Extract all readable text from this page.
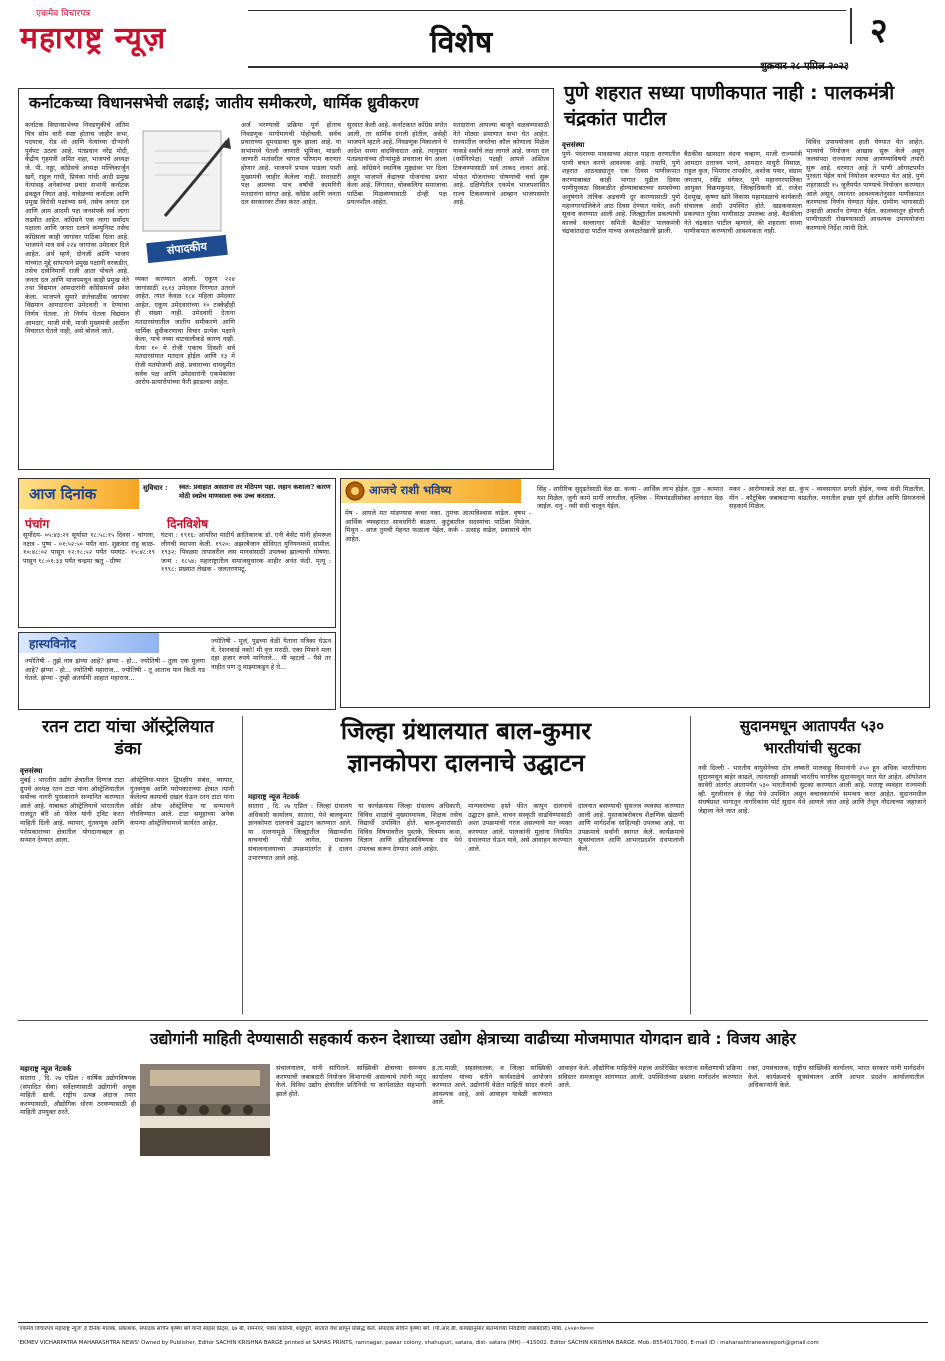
एकमेव विचारपत्र
महाराष्ट्र न्यूज़	विशेष	२
शुक्रवार २८ एप्रिल २०२३
कर्नाटकच्या विधानसभेची लढाई; जातीय समीकरणे, धार्मिक ध्रुवीकरण
कर्नाटक विधानसभेच्या निवडणुकीचे अंतिम चित्र सोम वारी स्पष्ट होताच जाहीर सभा, पदयात्रा, रोड शो आणि नेत्यांच्या दौऱ्यांनी पूर्वपट उठला आहे. पंतप्रधान नरेंद्र मोदी, केंद्रीय गृहमंत्री अमित शहा, भाजपचे अध्यक्ष जे. पी. नड्डा, काँग्रेसचे अध्यक्ष मल्लिकार्जुन खर्गे, राहुल गांधी, प्रियंका गांधी आदी प्रमुख नेत्यांसह अनेकांच्या प्रचार सभांनी कर्नाटक ढवळून निघत आहे. यावेळच्या कर्नाटक आणि प्रमुख विरोधी पक्षांच्या सर्व, तसेच जनता दल आणि आम आदमी पक्ष जनसंपर्क सर्व जागा लढवीत आहेत. काँग्रेसने एक जागा सर्वोदय पक्षाला आणि जनता दलाने कम्युनिस्ट तसेच काँग्रेसला काही जागांवर पाठिंबा दिला आहे. भाजपने मात्र सर्व २२४ जागांवर उमेदवार दिले आहेत. अर्थ म्हणे, दोनजी आणि भाजप यांच्यात मुद्दे सांपत्याने प्रमुख पक्षांनी वरकडीत, तसेच दावेनिमार्णे राजी आता पोचले आहे. जनता दल आणि भाजपमधून काही प्रमुख नेते तथा विद्यमान आमदारांनी काँग्रेसमध्ये प्रवेश केला. भाजपने सुमारे सत्तेचाळीस जागांवर विद्यमान आमदारांना उमेदवारी न देण्याचा निर्णय घेतला. तो निर्णय घेतला विद्यमान आमदार, माजी मंत्री, माजी मुख्यमंत्री आर्दीना विचारात घेतले नाही, असे बोलले जाते.
संपादकीय
व्यक्त करण्यात आली. एकूण २२४ जागांसाठी २६१३ उमेदवार रिंगणात उतरले आहेत. त्यात केवळ १८४ महिला उमेदवार आहेत. एकूण उमेदवारांच्या १० टक्केहीही ही संख्या नाही. उमेदवारी देताना मतदारसंघातील जातीय समीकरणे आणि धार्मिक ध्रुवीकरणाचा विचार प्रत्येक पक्षाने केला, याचे नव्या वाटचालीकडे कारण नाही. येत्या १० मे रोजी एकाच दिवशी सर्व मतदारसंघात मतदान होईल आणि १३ मे रोजी मतमोजणी आहे. प्रचाराच्या धामधुमीत सर्वच पक्ष आणि उमेदवारांनी एकमेकांवर आरोप-प्रत्यारोपांच्या फैरी झाडल्या आहेत.
अर्ज भरण्याची प्रक्रिया पूर्ण होताच निवडणूक मागोमागची पोहोचली. सर्वच प्रचाराच्या धूमधडाका सुरू झाला आहे. या सभांमध्ये घेतली जाणारी भूमिका, मांडली जाणारी मतांवरील चांगल परिणाम करणार होणार आहे. भाजपने प्रभाव पाडला पाशी मुख्यमंत्री जाहीर केलेला नाही. सत्ताधारी पक्ष आमच्या पाच वर्षांची कामगिरी मतदारांना सांगत आहे. काँग्रेस आणि जनता दल सरकारवर टीका करत आहेत.
सुरवात केली आहे. कर्नाटकात काँग्रेस सत्तेत आली, तर धार्मिक दंगली होतील, असेही भाजपने म्हटले आहे. निवडणूक निकालाने ये आदेश सध्या वादविवादात आहे. त्यानुसार पंतप्रधानांच्या दौऱ्यांमुळे प्रचाराला वेग आला आहे. काँग्रेसने स्थानिक मुद्द्यांवर भर दिला असून भाजपने केंद्राच्या योजनांचा प्रचार केला आहे. लिंगायत, वोक्कलिगा समाजाचा पाठिंबा मिळवण्यासाठी दोन्ही पक्ष प्रयत्नशील आहेत.
मतदारांना आपल्या बाजूने वळवण्यासाठी नेते मोठ्या प्रमाणात सभा घेत आहेत. राज्यातील जनतेचा कौल कोणाला मिळेल याकडे सर्वांचे लक्ष लागले आहे. जनता दल (धर्मनिरपेक्ष) पक्षही आपले अस्तित्व टिकवण्यासाठी सर्व ताकद लावत आहे. मोफत योजनांच्या घोषणांची चर्चा सुरू आहे. दक्षिणेतील एकमेव भाजपशासित राज्य टिकवण्याचे आव्हान भाजपसमोर आहे.
पुणे शहरात सध्या पाणीकपात नाही : पालकमंत्री चंद्रकांत पाटील
वृत्तसंस्था
पुणे- पंधराच्या पावसाच्या अंदाज पाहता धरणातील पाणी बचत करणे आवश्यक आहे. तथापि, पुणे शहरात आठवड्यातून एक दिवस पाणीकपात करण्याबाबत काही भागात पुढील दिवस पाणीपुरवठा विस्कळीत होण्याबाबतच्या समस्येच्या अनुषंगाने तांत्रिक अडचणी दूर करण्यासाठी पुणे महानगरपालिकेने आठ दिवस देण्यात यावेत, अशी सूचना करण्यात आली आहे. जिल्ह्यातील प्रकल्पांची कालवे सल्लागार समिती बैठकीत पालकमंत्री चंद्रकांतदादा पाटील यांच्या अध्यक्षतेखाली झाली.
बैठकीस खासदार वंदना चव्हाण, माजी राज्यमंत्री आमदार दत्तात्रय भरणे, आमदार माधुरी मिसाळ, राहुल कुल, भिमराव तापकीर, अशोक पवार, संग्राम जगताप, रवींद्र धंगेकर, पुणे महानगरपालिका आयुक्त विक्रमकुमार, जिल्हाधिकारी डॉ. राजेश देशमुख, कृष्णा खोरे विकास महामंडळाचे कार्यकारी संचालक आदी उपस्थित होते. खडकवासला प्रकल्पात पुरेसा पाणीसाठा उपलब्ध आहे. बैठकीला नेते चंद्रकांत पाटील म्हणाले, की शहराला सध्या पाणीकपात करण्याची आवश्यकता नाही.
विविध उपाययोजना हाती घेण्यात येत आहेत. भान्यांचे नियोजन आखाव सुरू केले असून जलसंपदा राज्याला त्याचा आणण्याविषयी तयारी सुरू आहे. धरणात आहे ते पाणी ऑगस्टपर्यंत पुरवता येईल याचे नियोजन करण्यात येत आहे. पुणे शहरासाठी १५ जुलैपर्यंत पाण्याचे नियोजन करण्यात आले असून, त्यानंतर आवश्यकतेनुसार पाणीकपात करण्याचा निर्णय घेण्यात येईल. ग्रामीण भागासाठी उन्हाळी आवर्तन देण्यात येईल. कालव्यातून होणारी पाणीगळती रोखण्यासाठी आवश्यक उपाययोजना करण्याचे निर्देश त्यांनी दिले.
आज दिनांक	सुविचार : स्वत: प्रवाहात असताना तर मोठेपण पहा. लहान कशाला? कारण मोठी स्वप्नेच माणसाला रुक उच्च करतात.
पंचांग
सूर्योदय- ०५:४३:२१ सूर्यास्त १८:५८:१५ दिवस - चांगला, नक्षत्र - पुष्य - ०१:५२:५० पर्यंत वार- शुक्रवार राहु काळ- १०:४८:०२ पासून १२:१८:५२ पर्यंत यमघंट- १५:४८:१९ पासून १८:०१:३३ पर्यंत चन्द्रमा ऋतु - ग्रीष्म
दिनविशेष
घटना : १९१६: आयरिश मादीर्य क्रांतिकारक डॉ. एनी बेसेंट यांनी होमरूल लीगची स्थापना केली. १९२०: अझरबैजान सोविएत युनियनमध्ये सामील. १९३२: पिवळ्या तापावरील लस मानवांसाठी उपलब्ध झाल्याची घोषणा. जन्म : १८५४: महाराष्ट्रातील समाजसुधारक शाहीर अनंत फंदी. मृत्यू : १९९८: प्रख्यात लेखक - जलतरणपटू.
हास्यविनोद
ज्योतिषी - तुझे नाव झंप्या आहे? झंप्या - हो... ज्योतिषी - तुला एक मुलगा आहे? झंप्या - हो... ज्योतिषी महाराज... ज्योतिषी - तू आताच पान किती गड घेतले. झंप्या - तुम्ही अंतर्यामी आहात महाराज...
ज्योतिषी - मुलं, पुढच्या वेळी येताना पत्रिका घेऊन ये. रेशनकार्ड नको! मी वृत्त मराठी. एका मित्राने मला दहा हजार रुपये मागितले... मी म्हटलो - पैसे तर नाहीत पण तू माझ्याकडून हे घे...
आजचे राशी भविष्य
मेष - आपले मत मांडण्यास कचर नका. तुमचा आत्मविश्वास वाढेल. वृषभ - आर्थिक व्यवहारात सावधगिरी बाळगा. कुटुंबातील सदस्यांचा पाठिंबा मिळेल. मिथुन - आज तुमची मेहनत फळाला येईल. कर्क - उत्साह वाढेल, प्रवासाचे योग आहेत.
सिंह - शारीरिक सुदृढतेसाठी वेळ द्या. कन्या - आर्थिक लाभ होईल. तूळ - कामात यश मिळेल, जुनी कामे मार्गी लागतील. वृश्चिक - मित्रमंडळींसोबत आनंदात वेळ जाईल. धनु - नवी संधी चालून येईल.
मकर - आरोग्याकडे लक्ष द्या. कुंभ - व्यवसायात प्रगती होईल, नव्या संधी मिळतील. मीन - कौटुंबिक जबाबदाऱ्या वाढतील. मनातील इच्छा पूर्ण होतील आणि प्रियजनांचे सहकार्य मिळेल.
रतन टाटा यांचा ऑस्ट्रेलियात डंका
वृत्तसंस्था
मुंबई : भारतीय उद्योग क्षेत्रातील दिग्गज टाटा ग्रुपचे अध्यक्ष रतन टाटा यांना ऑस्ट्रेलियातील सर्वोच्च नागरी पुरस्काराने सन्मानित करण्यात आले आहे. याबाबत ऑस्ट्रेलियाचे भारतातील राजदूत बॅरी ओ फॅरेल यांनी ट्विट करत माहिती दिली आहे. व्यापार, गुंतवणूक आणि परोपकाराच्या क्षेत्रातील योगदानाबद्दल हा सन्मान देण्यात आला.
ऑस्ट्रेलिया-भारत द्विपक्षीय संबंध, व्यापार, गुंतवणूक आणि परोपकाराच्या क्षेत्रात त्यांनी केलेल्या कामाची दखल घेऊन रतन टाटा यांना ऑर्डर ऑफ ऑस्ट्रेलिया या सन्मानाने गौरविण्यात आले. टाटा समूहाच्या अनेक कंपन्या ऑस्ट्रेलियामध्ये कार्यरत आहेत.
जिल्हा ग्रंथालयात बाल-कुमार
ज्ञानकोपरा दालनाचे उद्घाटन
महाराष्ट्र न्यूज नेटवर्क
सातारा , दि. २७ एप्रिल : जिल्हा ग्रंथालय अधिकारी कार्यालय, सातारा, येथे बालकुमार ज्ञानकोपरा दालनाचे उद्घाटन करण्यात आले. या दालनामुळे जिल्ह्यातील विद्यार्थ्यांना वाचनाची गोडी लागेल. ग्रंथालय संचालनालयाच्या उपक्रमांतर्गत हे दालन उभारण्यात आले आहे.
या कार्यक्रमास जिल्हा ग्रंथालय अधिकारी, विविध शाळांचे मुख्याध्यापक, शिक्षक तसेच विद्यार्थी उपस्थित होते. बाल-कुमारांसाठी विविध विषयांवरील पुस्तके, चित्रमय कथा, विज्ञान आणि इतिहासविषयक ग्रंथ येथे उपलब्ध करून देण्यात आले आहेत.
मान्यवरांच्या हस्ते फीत कापून दालनाचे उद्घाटन झाले. वाचन संस्कृती वाढविण्यासाठी अशा उपक्रमांची गरज असल्याचे मत व्यक्त करण्यात आले. पालकांनी मुलांना नियमित ग्रंथालयात घेऊन यावे, असे आवाहन करण्यात आले.
दालनात बसण्याची सुसज्ज व्यवस्था करण्यात आली आहे. पुस्तकांबरोबरच शैक्षणिक खेळणी आणि मार्गदर्शक साहित्यही उपलब्ध आहे. या उपक्रमाचे सर्वांनी स्वागत केले. कार्यक्रमाचे सूत्रसंचालन आणि आभारप्रदर्शन ग्रंथपालांनी केले.
सुदानमधून आतापर्यंत ५३०
भारतीयांची सुटका
नवी दिल्ली - भारतीय वायुसेनेच्या दोन लष्करी मालवाहू विमानांनी २५० हून अधिक भारतीयांना सुदानमधून बाहेर काढले, त्यानंतरही आणखी भारतीय नागरिक सुदानमधून परत येत आहेत. ऑपरेशन कावेरी अंतर्गत आतापर्यंत ५३० भारतीयांची सुटका करण्यात आली आहे. परराष्ट्र व्यवहार राज्यमंत्री व्ही. मुरलीधरन हे जेद्दा येथे उपस्थित असून बचावकार्याचे समन्वय करत आहेत. सुदानमधील संघर्षग्रस्त भागातून नागरिकांना पोर्ट सुदान येथे आणले जात आहे आणि तेथून नौदलाच्या जहाजाने जेद्दाला नेले जात आहे.
उद्योगांनी माहिती देण्यासाठी सहकार्य करुन देशाच्या उद्योग क्षेत्राच्या वाढीच्या मोजमापात योगदान द्यावे : विजय आहेर
महाराष्ट्र न्यूज नेटवर्क
सातारा , दि. २७ एप्रिल : वार्षिक उद्योगविषयक (संपादित सेवा) सर्वेक्षणासाठी उद्योगांनी अचूक माहिती द्यावी. राष्ट्रीय उत्पन्न अंदाज तयार करण्यासाठी, औद्योगिक धोरण ठरवण्यासाठी ही माहिती उपयुक्त ठरते.
संचालनालय, यांनी सांगितले. सांख्यिकी क्षेत्राच्या समन्वय करण्याची जबाबदारी नियोजन विभागाची असल्याचे त्यांनी नमूद केले. विविध उद्योग क्षेत्रांतील प्रतिनिधी या कार्यशाळेत सहभागी झाले होते.
ह.ता.माळी, सहसंचालक, व जिल्हा सांख्यिकी कार्यालय यांच्या वतीने कार्यशाळेचे आयोजन करण्यात आले. उद्योगांनी वेळेत माहिती सादर करणे आवश्यक आहे, असे आवाहन यावेळी करण्यात आले.
आवाहन केले. औद्योगिक माहितीचे महत्त्व अधोरेखित करताना सर्वेक्षणाची प्रक्रिया सविस्तर समजावून सांगण्यात आली. उपस्थितांच्या प्रश्नांना मार्गदर्शन करण्यात आले.
रक्त, उपसंचालक, राष्ट्रीय सांख्यिकी कार्यालय, भारत सरकार यांनी मार्गदर्शन केले. कार्यक्रमाचे सूत्रसंचालन आणि आभार प्रदर्शन कार्यालयातील अधिकाऱ्यांनी केले.
'एकमेव विचारपत्र महाराष्ट्र न्यूज' हे दैनिक मालक, प्रकाशक, संपादक सचिन कृष्णा बर्गे यांनी साहस प्रिंट्स, ६७ बी, रामनगर, पवार कॉलनी, शाहुपुरी, सातारा येथे छापून प्रसिद्ध केले. संपादक सचिन कृष्णा बर्गे. (पी.आर.बी. कायद्यानुसार बातम्यांच्या निवडीची जबाबदारी) मोबा. ८५५४०१७०००
'EKMEV VICHARPATRA MAHARASHTRA NEWS' Owned by Publisher, Editor SACHIN KRISHNA BARGE printed at SAHAS PRINTS, ramnagar, pawar colony, shahupuri, satara, dist- satara (MH) - 415002. Editor SACHIN KRISHNA BARGE. Mob. 8554017000, E-mail ID : maharashtranewsreport@gmail.com
